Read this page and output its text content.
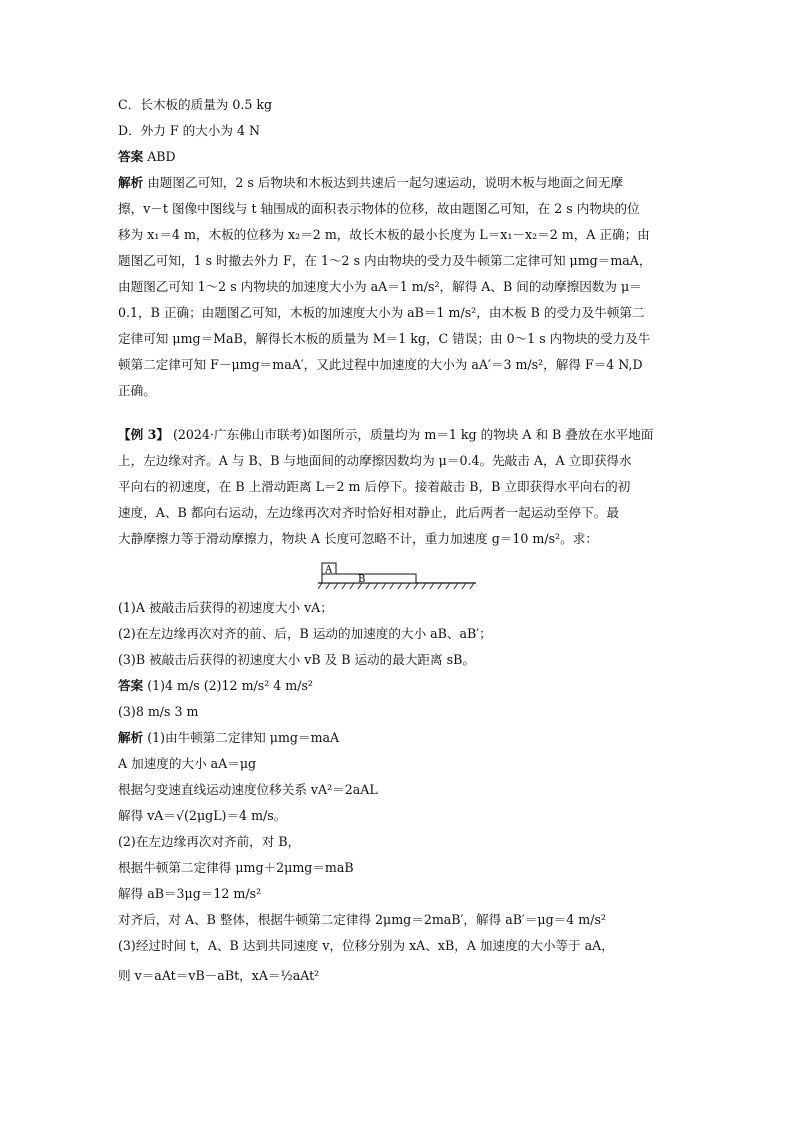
C．长木板的质量为 0.5 kg
D．外力 F 的大小为 4 N
答案 ABD
解析 由题图乙可知，2 s 后物块和木板达到共速后一起匀速运动，说明木板与地面之间无摩
擦，v－t 图像中图线与 t 轴围成的面积表示物体的位移，故由题图乙可知，在 2 s 内物块的位
移为 x₁＝4 m，木板的位移为 x₂＝2 m，故长木板的最小长度为 L＝x₁－x₂＝2 m，A 正确；由
题图乙可知，1 s 时撤去外力 F，在 1～2 s 内由物块的受力及牛顿第二定律可知 μmg＝maA，
由题图乙可知 1～2 s 内物块的加速度大小为 aA＝1 m/s²，解得 A、B 间的动摩擦因数为 μ＝
0.1，B 正确；由题图乙可知，木板的加速度大小为 aB＝1 m/s²，由木板 B 的受力及牛顿第二
定律可知 μmg＝MaB，解得长木板的质量为 M＝1 kg，C 错误；由 0～1 s 内物块的受力及牛
顿第二定律可知 F－μmg＝maA′，又此过程中加速度的大小为 aA′＝3 m/s²，解得 F＝4 N,D
正确。
【例 3】 (2024·广东佛山市联考)如图所示，质量均为 m＝1 kg 的物块 A 和 B 叠放在水平地面
上，左边缘对齐。A 与 B、B 与地面间的动摩擦因数均为 μ＝0.4。先敲击 A，A 立即获得水
平向右的初速度，在 B 上滑动距离 L＝2 m 后停下。接着敲击 B，B 立即获得水平向右的初
速度，A、B 都向右运动，左边缘再次对齐时恰好相对静止，此后两者一起运动至停下。最
大静摩擦力等于滑动摩擦力，物块 A 长度可忽略不计，重力加速度 g＝10 m/s²。求：
A
B
(1)A 被敲击后获得的初速度大小 vA；
(2)在左边缘再次对齐的前、后，B 运动的加速度的大小 aB、aB′；
(3)B 被敲击后获得的初速度大小 vB 及 B 运动的最大距离 sB。
答案 (1)4 m/s (2)12 m/s² 4 m/s²
(3)8 m/s 3 m
解析 (1)由牛顿第二定律知 μmg＝maA
A 加速度的大小 aA＝μg
根据匀变速直线运动速度位移关系 vA²＝2aAL
解得 vA＝√(2μgL)＝4 m/s。
(2)在左边缘再次对齐前，对 B，
根据牛顿第二定律得 μmg＋2μmg＝maB
解得 aB＝3μg＝12 m/s²
对齐后，对 A、B 整体，根据牛顿第二定律得 2μmg＝2maB′，解得 aB′＝μg＝4 m/s²
(3)经过时间 t，A、B 达到共同速度 v，位移分别为 xA、xB，A 加速度的大小等于 aA，
则 v＝aAt＝vB－aBt，xA＝½aAt²
